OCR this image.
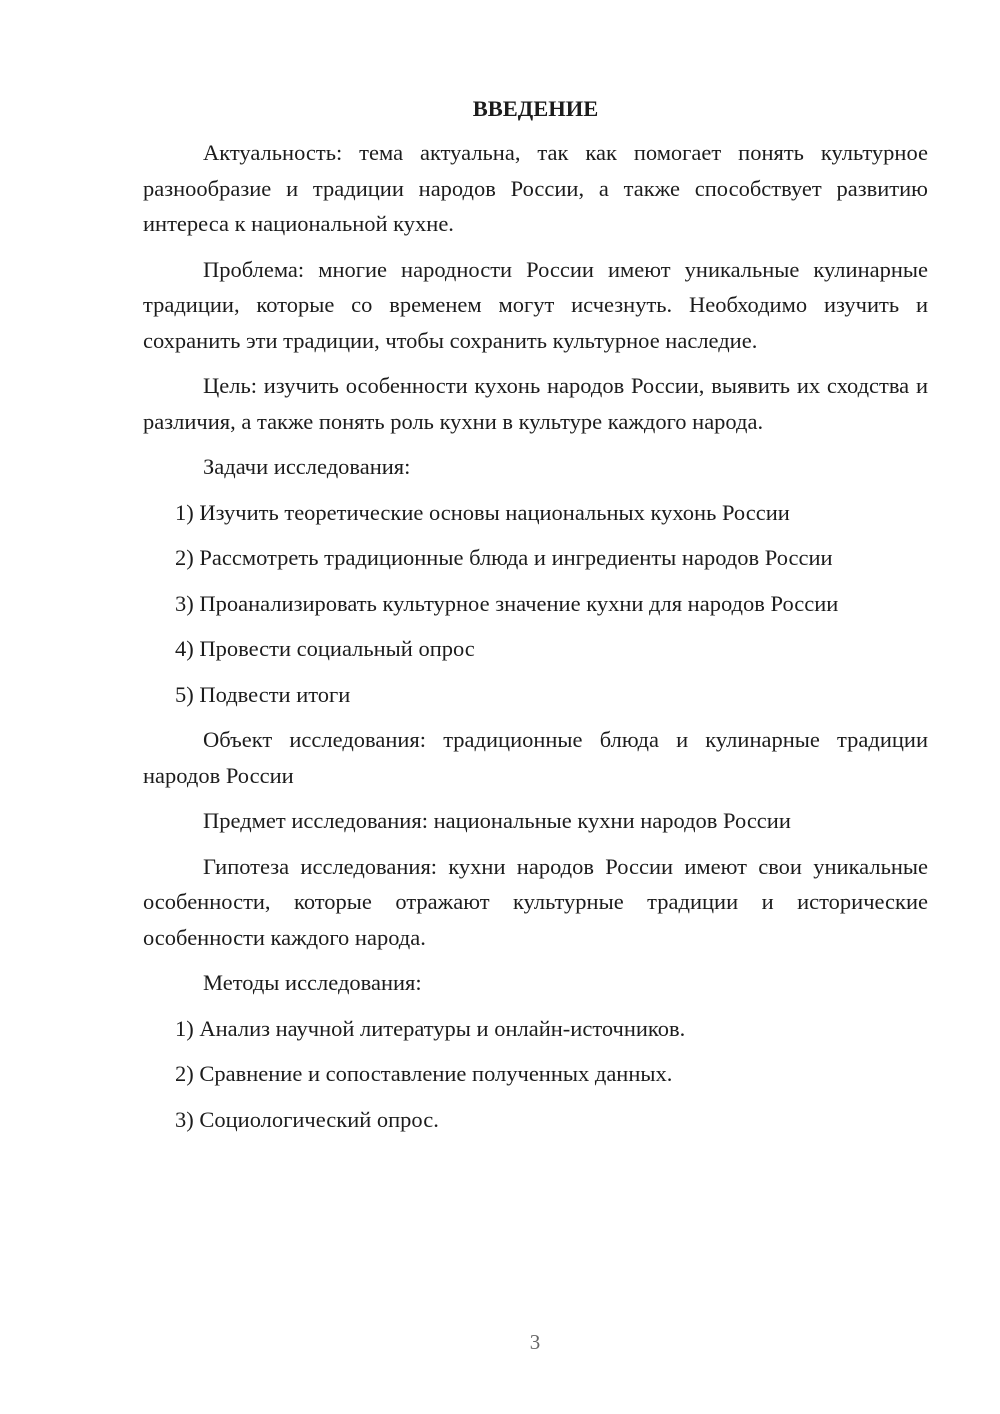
ВВЕДЕНИЕ

Актуальность: тема актуальна, так как помогает понять культурное разнообразие и традиции народов России, а также способствует развитию интереса к национальной кухне.

Проблема: многие народности России имеют уникальные кулинарные традиции, которые со временем могут исчезнуть. Необходимо изучить и сохранить эти традиции, чтобы сохранить культурное наследие.

Цель: изучить особенности кухонь народов России, выявить их сходства и различия, а также понять роль кухни в культуре каждого народа.

Задачи исследования:

1) Изучить теоретические основы национальных кухонь России
2) Рассмотреть традиционные блюда и ингредиенты народов России
3) Проанализировать культурное значение кухни для народов России
4) Провести социальный опрос
5) Подвести итоги

Объект исследования: традиционные блюда и кулинарные традиции народов России

Предмет исследования: национальные кухни народов России

Гипотеза исследования: кухни народов России имеют свои уникальные особенности, которые отражают культурные традиции и исторические особенности каждого народа.

Методы исследования:

1) Анализ научной литературы и онлайн-источников.
2) Сравнение и сопоставление полученных данных.
3) Социологический опрос.
3
